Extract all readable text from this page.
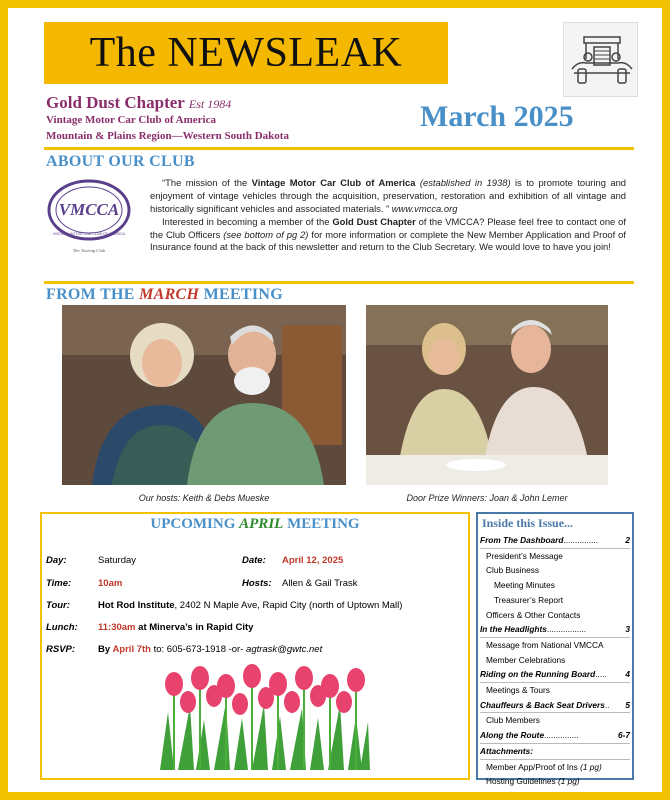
The NEWSLEAK
Gold Dust Chapter Est 1984
Vintage Motor Car Club of America
Mountain & Plains Region—Western South Dakota
March 2025
ABOUT OUR CLUB
VMCCA
VINTAGE MOTOR CAR CLUB OF AMERICA
The Touring Club

“The mission of the Vintage Motor Car Club of America (established in 1938) is to promote touring and enjoyment of vintage vehicles through the acquisition, preservation, restoration and exhibition of all vintage and historically significant vehicles and associated materials. ” www.vmcca.org

Interested in becoming a member of the Gold Dust Chapter of the VMCCA? Please feel free to contact one of the Club Officers (see bottom of pg 2) for more information or complete the New Member Application and Proof of Insurance found at the back of this newsletter and return to the Club Secretary. We would love to have you join!

FROM THE MARCH MEETING
Our hosts: Keith & Debs Mueske	Door Prize Winners: Joan & John Lemer
UPCOMING APRIL MEETING
Day:	Saturday	Date: April 12, 2025
Time:	10am	Hosts: Allen & Gail Trask
Tour:	Hot Rod Institute, 2402 N Maple Ave, Rapid City (north of Uptown Mall)
Lunch: 11:30am at Minerva’s in Rapid City
RSVP: By April 7th to: 605-673-1918 -or- agtrask@gwtc.net
Inside this Issue...
From The Dashboard ...............	2
President’s Message
Club Business
Meeting Minutes
Treasurer’s Report
Officers & Other Contacts
In the Headlights .................	3
Message from National VMCCA
Member Celebrations
Riding on the Running Board .....	4
Meetings & Tours
Chauffeurs & Back Seat Drivers ..	5
Club Members
Along the Route ...............	6-7
Attachments:
Member App/Proof of Ins (1 pg)
Hosting Guidelines (1 pg)
